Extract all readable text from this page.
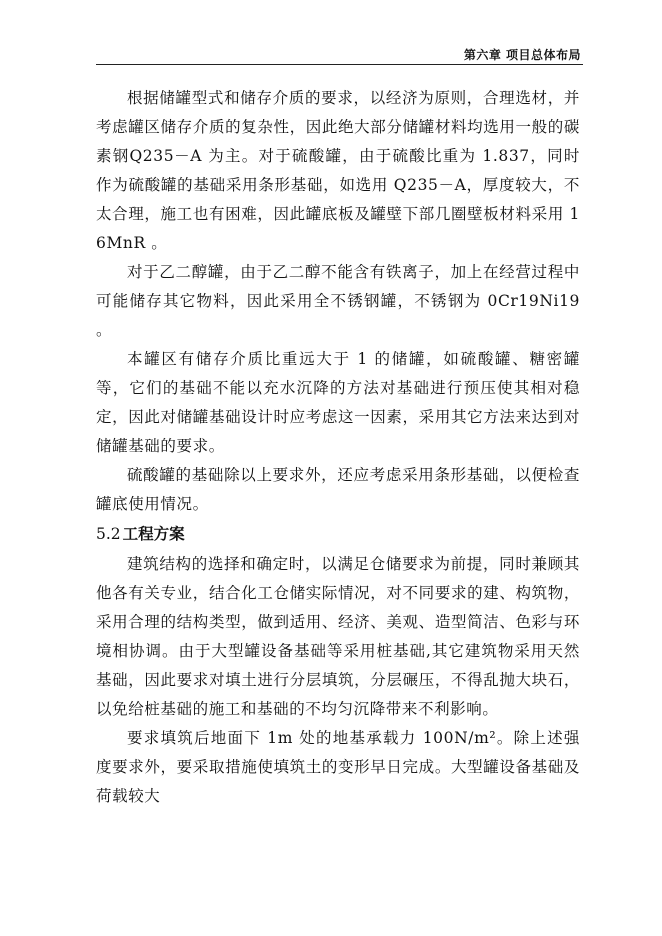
第六章 项目总体布局

根据储罐型式和储存介质的要求，以经济为原则，合理选材，并考虑罐区储存介质的复杂性，因此绝大部分储罐材料均选用一般的碳素钢Q235－A 为主。对于硫酸罐，由于硫酸比重为 1.837，同时作为硫酸罐的基础采用条形基础，如选用 Q235－A，厚度较大，不太合理，施工也有困难，因此罐底板及罐壁下部几圈壁板材料采用 16MnR 。

对于乙二醇罐，由于乙二醇不能含有铁离子，加上在经营过程中可能储存其它物料，因此采用全不锈钢罐，不锈钢为 0Cr19Ni19 。

本罐区有储存介质比重远大于 1 的储罐，如硫酸罐、糖密罐等，它们的基础不能以充水沉降的方法对基础进行预压使其相对稳定，因此对储罐基础设计时应考虑这一因素，采用其它方法来达到对储罐基础的要求。

硫酸罐的基础除以上要求外，还应考虑采用条形基础，以便检查罐底使用情况。

5.2 工程方案

建筑结构的选择和确定时，以满足仓储要求为前提，同时兼顾其他各有关专业，结合化工仓储实际情况，对不同要求的建、构筑物，采用合理的结构类型，做到适用、经济、美观、造型简洁、色彩与环境相协调。由于大型罐设备基础等采用桩基础,其它建筑物采用天然基础，因此要求对填土进行分层填筑，分层碾压，不得乱抛大块石，以免给桩基础的施工和基础的不均匀沉降带来不利影响。

要求填筑后地面下 1m 处的地基承载力 100N/m²。除上述强度要求外，要采取措施使填筑土的变形早日完成。大型罐设备基础及荷载较大
